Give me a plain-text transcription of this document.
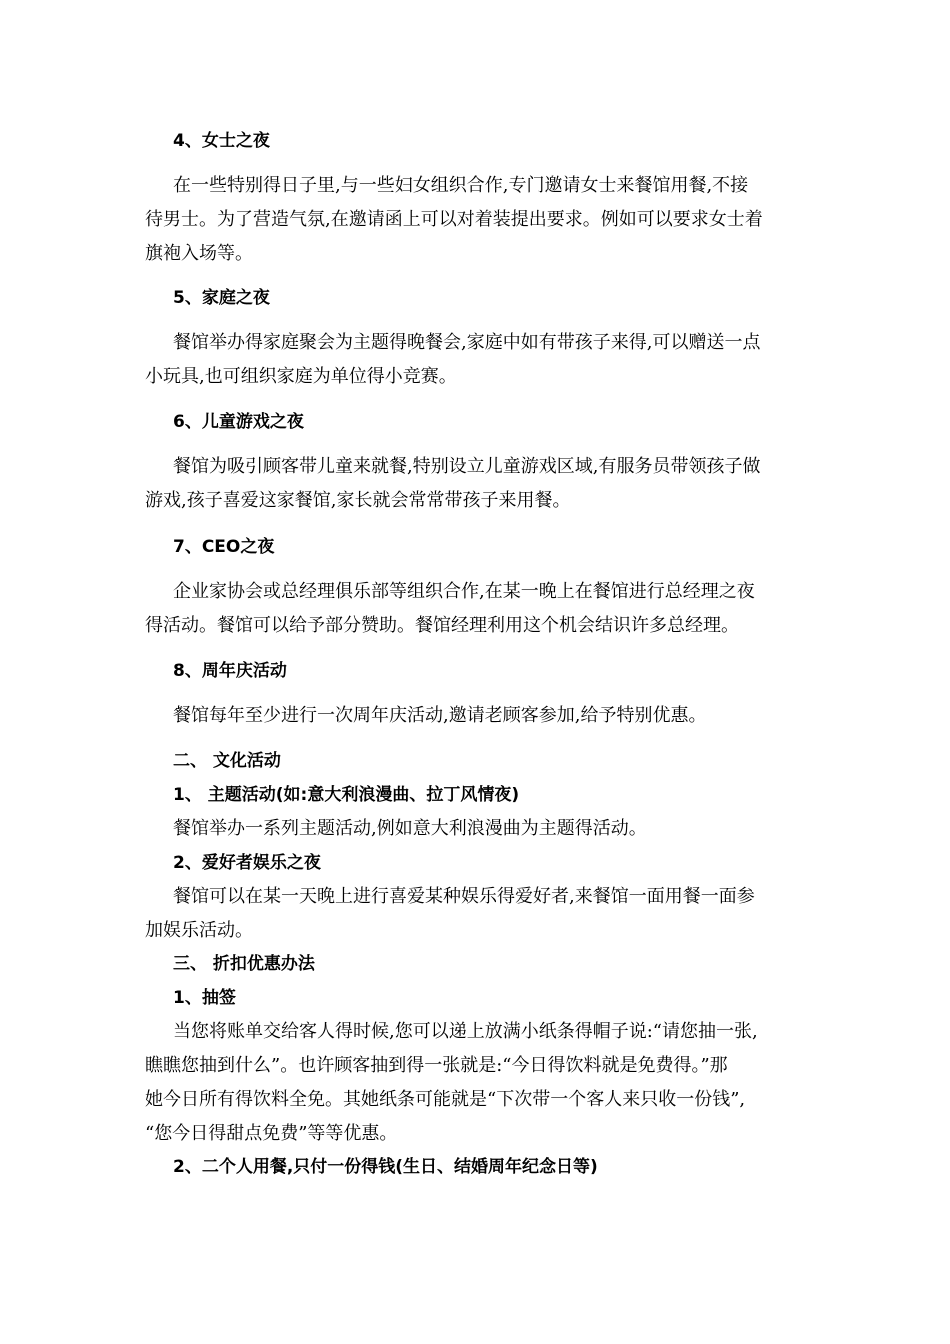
4、女士之夜
在一些特别得日子里,与一些妇女组织合作,专门邀请女士来餐馆用餐,不接
待男士。为了营造气氛,在邀请函上可以对着装提出要求。例如可以要求女士着
旗袍入场等。
5、家庭之夜
餐馆举办得家庭聚会为主题得晚餐会,家庭中如有带孩子来得,可以赠送一点
小玩具,也可组织家庭为单位得小竞赛。
6、儿童游戏之夜
餐馆为吸引顾客带儿童来就餐,特别设立儿童游戏区域,有服务员带领孩子做
游戏,孩子喜爱这家餐馆,家长就会常常带孩子来用餐。
7、CEO之夜
企业家协会或总经理俱乐部等组织合作,在某一晚上在餐馆进行总经理之夜
得活动。餐馆可以给予部分赞助。餐馆经理利用这个机会结识许多总经理。
8、周年庆活动
餐馆每年至少进行一次周年庆活动,邀请老顾客参加,给予特别优惠。
二、 文化活动
1、 主题活动(如:意大利浪漫曲、拉丁风情夜)
餐馆举办一系列主题活动,例如意大利浪漫曲为主题得活动。
2、爱好者娱乐之夜
餐馆可以在某一天晚上进行喜爱某种娱乐得爱好者,来餐馆一面用餐一面参
加娱乐活动。
三、 折扣优惠办法
1、抽签
当您将账单交给客人得时候,您可以递上放满小纸条得帽子说:“请您抽一张,
瞧瞧您抽到什么”。也许顾客抽到得一张就是:“今日得饮料就是免费得。”那
她今日所有得饮料全免。其她纸条可能就是“下次带一个客人来只收一份钱”,
“您今日得甜点免费”等等优惠。
2、二个人用餐,只付一份得钱(生日、结婚周年纪念日等)
